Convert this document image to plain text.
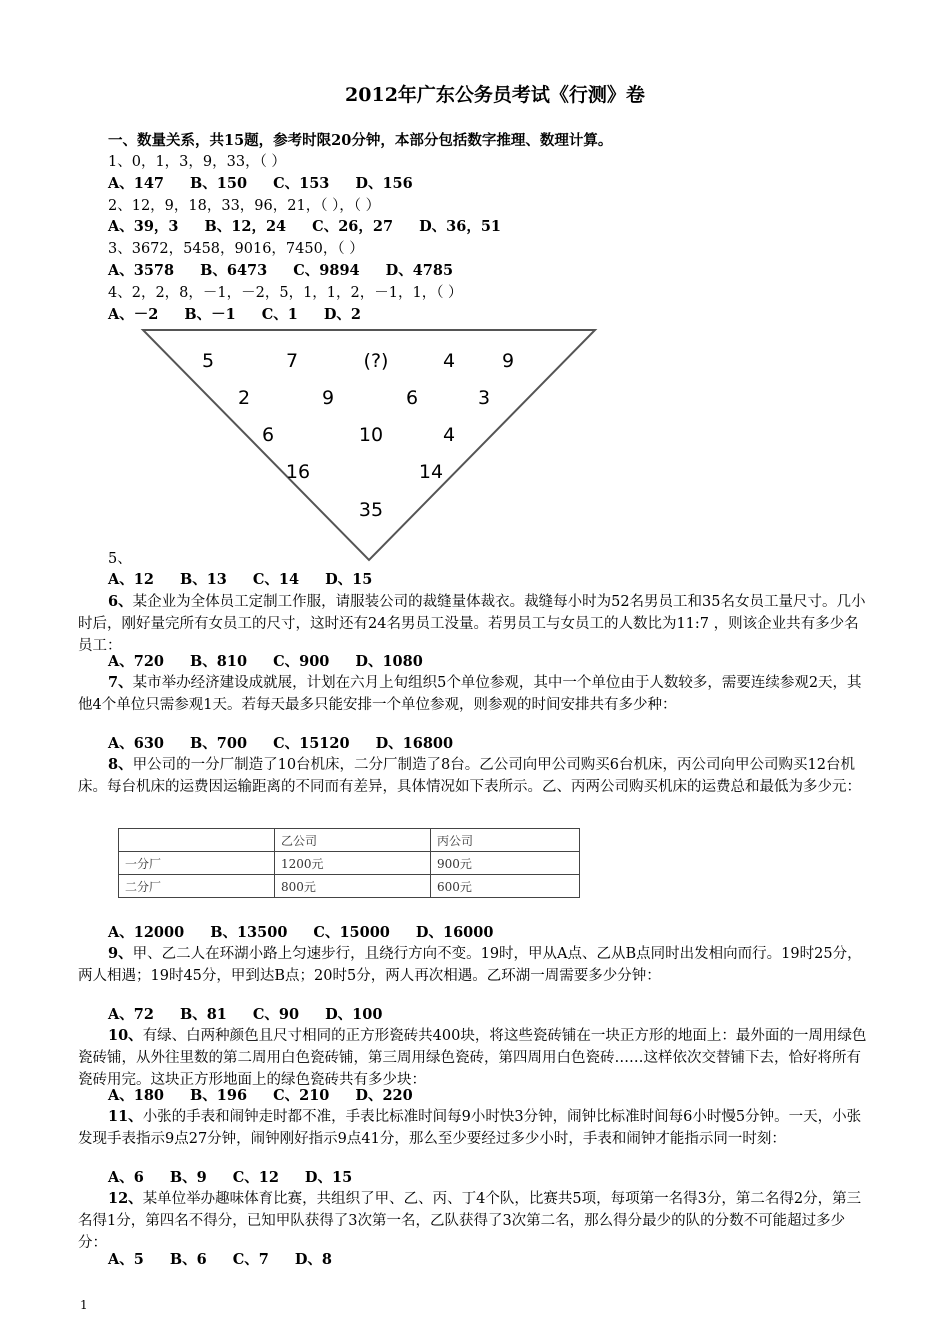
2012年广东公务员考试《行测》卷
一、数量关系，共15题，参考时限20分钟，本部分包括数字推理、数理计算。
1、0，1，3，9，33，（ ）
A、147 B、150 C、153 D、156
2、12，9，18，33，96，21，（ ），（ ）
A、39，3 B、12，24 C、26，27 D、36，51
3、3672，5458，9016，7450，（ ）
A、3578 B、6473 C、9894 D、4785
4、2，2，8，－1，－2，5，1，1，2，－1，1，（ ）
A、－2 B、－1 C、1 D、2
5	7	(?)	4 9
2	9	6	3
6	10	4
16	14
35
5、
A、12 B、13 C、14 D、15
6、某企业为全体员工定制工作服，请服装公司的裁缝量体裁衣。裁缝每小时为52名男员工和35名女员工量尺寸。几小时后，刚好量完所有女员工的尺寸，这时还有24名男员工没量。若男员工与女员工的人数比为11:7 ，则该企业共有多少名员工：
A、720 B、810 C、900 D、1080
7、某市举办经济建设成就展，计划在六月上旬组织5个单位参观，其中一个单位由于人数较多，需要连续参观2天，其他4个单位只需参观1天。若每天最多只能安排一个单位参观，则参观的时间安排共有多少种：
A、630 B、700 C、15120 D、16800
8、甲公司的一分厂制造了10台机床，二分厂制造了8台。乙公司向甲公司购买6台机床，丙公司向甲公司购买12台机床。每台机床的运费因运输距离的不同而有差异，具体情况如下表所示。乙、丙两公司购买机床的运费总和最低为多少元：
	乙公司	丙公司
一分厂	1200元	900元
二分厂	800元	600元
A、12000 B、13500 C、15000 D、16000
9、甲、乙二人在环湖小路上匀速步行，且绕行方向不变。19时，甲从A点、乙从B点同时出发相向而行。19时25分，两人相遇；19时45分，甲到达B点；20时5分，两人再次相遇。乙环湖一周需要多少分钟：
A、72 B、81 C、90 D、100
10、有绿、白两种颜色且尺寸相同的正方形瓷砖共400块，将这些瓷砖铺在一块正方形的地面上：最外面的一周用绿色瓷砖铺，从外往里数的第二周用白色瓷砖铺，第三周用绿色瓷砖，第四周用白色瓷砖……这样依次交替铺下去，恰好将所有瓷砖用完。这块正方形地面上的绿色瓷砖共有多少块：
A、180 B、196 C、210 D、220
11、小张的手表和闹钟走时都不准，手表比标准时间每9小时快3分钟，闹钟比标准时间每6小时慢5分钟。一天，小张发现手表指示9点27分钟，闹钟刚好指示9点41分，那么至少要经过多少小时，手表和闹钟才能指示同一时刻：
A、6 B、9 C、12 D、15
12、某单位举办趣味体育比赛，共组织了甲、乙、丙、丁4个队，比赛共5项，每项第一名得3分，第二名得2分，第三名得1分，第四名不得分，已知甲队获得了3次第一名，乙队获得了3次第二名，那么得分最少的队的分数不可能超过多少分：
A、5 B、6 C、7 D、8
1
